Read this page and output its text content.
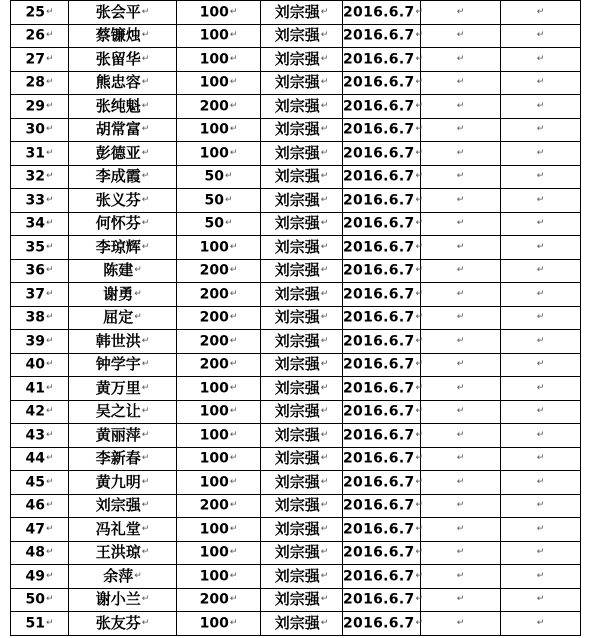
25↵	张会平↵	100↵	刘宗强↵	2016.6.7↵	↵	↵
26↵	蔡镰烛↵	100↵	刘宗强↵	2016.6.7↵	↵	↵
27↵	张留华↵	100↵	刘宗强↵	2016.6.7↵	↵	↵
28↵	熊忠容↵	100↵	刘宗强↵	2016.6.7↵	↵	↵
29↵	张纯魁↵	200↵	刘宗强↵	2016.6.7↵	↵	↵
30↵	胡常富↵	100↵	刘宗强↵	2016.6.7↵	↵	↵
31↵	彭德亚↵	100↵	刘宗强↵	2016.6.7↵	↵	↵
32↵	李成霞↵	50↵	刘宗强↵	2016.6.7↵	↵	↵
33↵	张义芬↵	50↵	刘宗强↵	2016.6.7↵	↵	↵
34↵	何怀芬↵	50↵	刘宗强↵	2016.6.7↵	↵	↵
35↵	李琼辉↵	100↵	刘宗强↵	2016.6.7↵	↵	↵
36↵	陈建↵	200↵	刘宗强↵	2016.6.7↵	↵	↵
37↵	谢勇↵	200↵	刘宗强↵	2016.6.7↵	↵	↵
38↵	屈定↵	200↵	刘宗强↵	2016.6.7↵	↵	↵
39↵	韩世洪↵	200↵	刘宗强↵	2016.6.7↵	↵	↵
40↵	钟学宇↵	200↵	刘宗强↵	2016.6.7↵	↵	↵
41↵	黄万里↵	100↵	刘宗强↵	2016.6.7↵	↵	↵
42↵	吴之让↵	100↵	刘宗强↵	2016.6.7↵	↵	↵
43↵	黄丽萍↵	100↵	刘宗强↵	2016.6.7↵	↵	↵
44↵	李新春↵	100↵	刘宗强↵	2016.6.7↵	↵	↵
45↵	黄九明↵	100↵	刘宗强↵	2016.6.7↵	↵	↵
46↵	刘宗强↵	200↵	刘宗强↵	2016.6.7↵	↵	↵
47↵	冯礼堂↵	100↵	刘宗强↵	2016.6.7↵	↵	↵
48↵	王洪琼↵	100↵	刘宗强↵	2016.6.7↵	↵	↵
49↵	余萍↵	100↵	刘宗强↵	2016.6.7↵	↵	↵
50↵	谢小兰↵	200↵	刘宗强↵	2016.6.7↵	↵	↵
51↵	张友芬↵	100↵	刘宗强↵	2016.6.7↵	↵	↵
